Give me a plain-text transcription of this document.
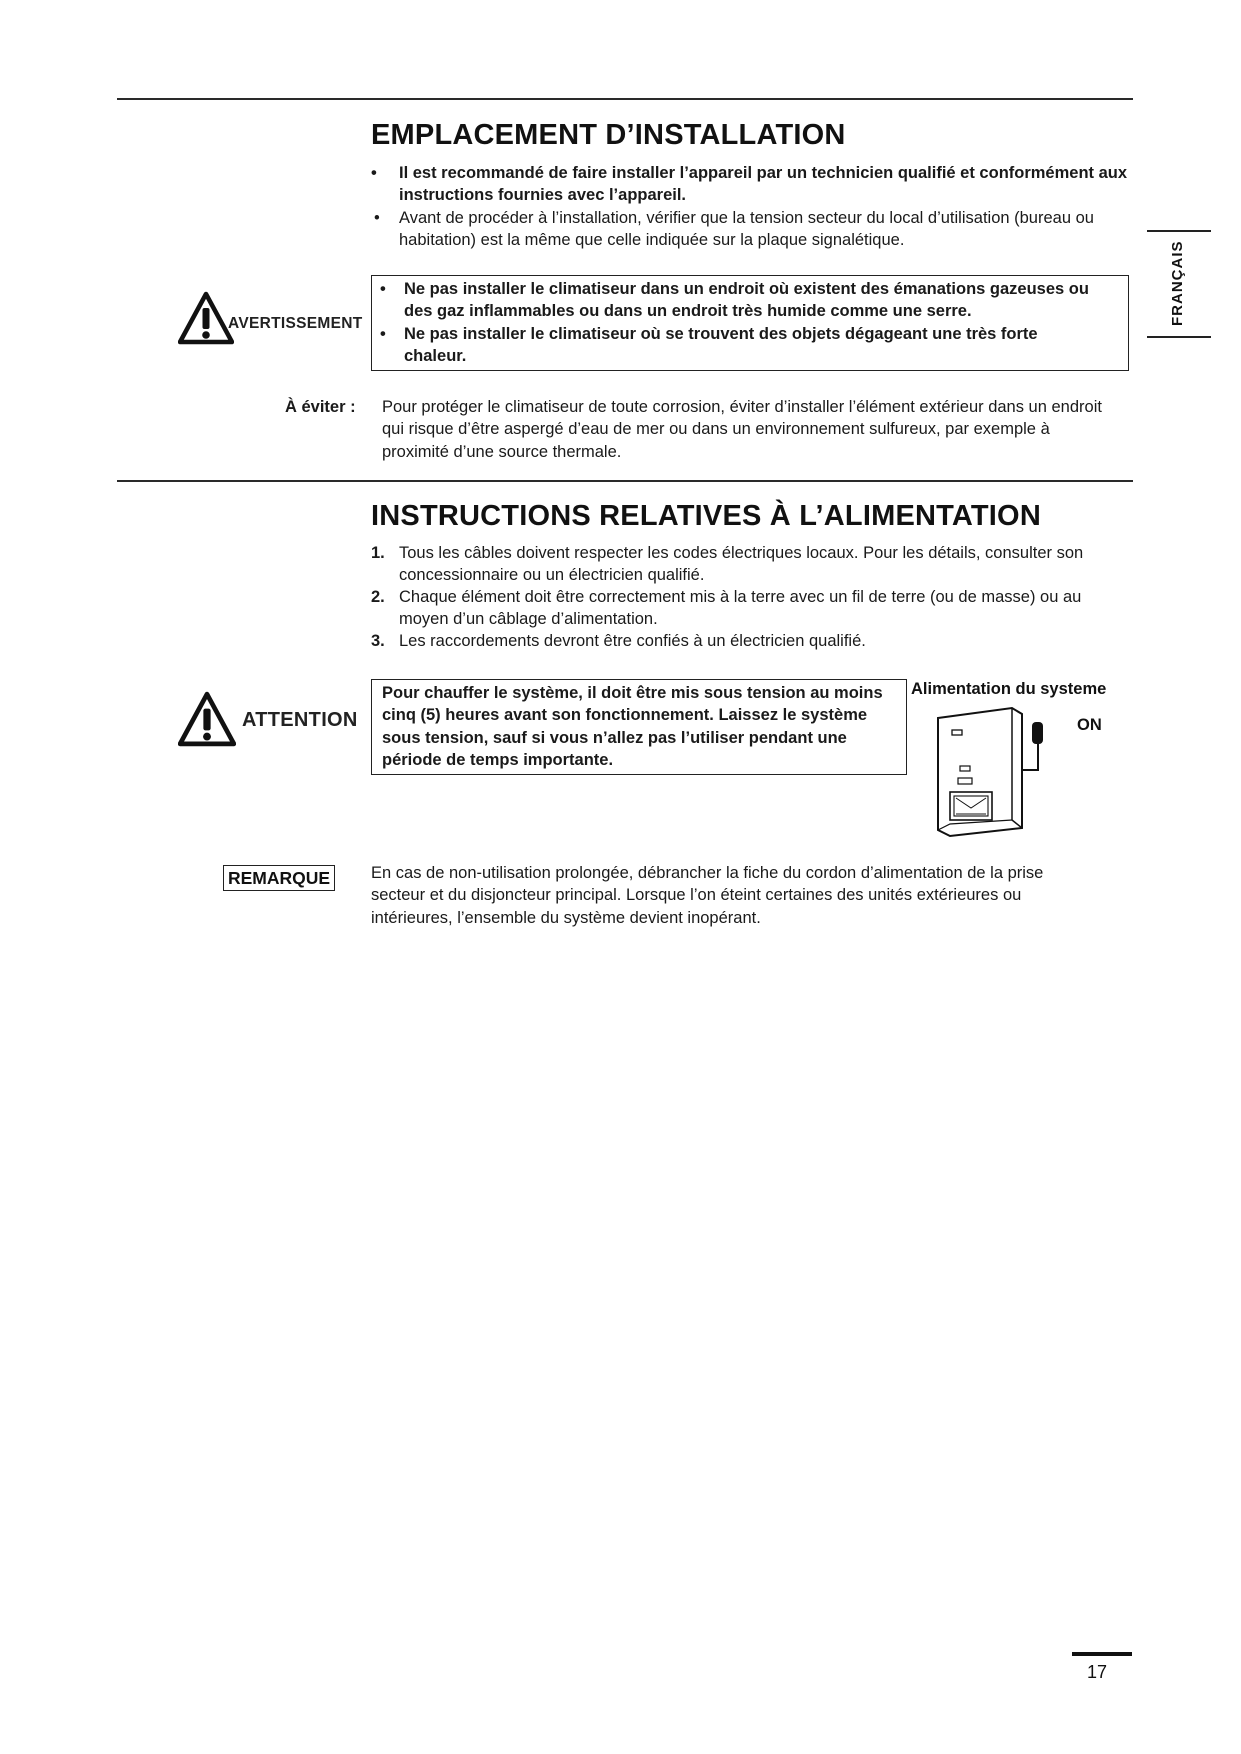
FRANÇAIS
EMPLACEMENT D’INSTALLATION
• Il est recommandé de faire installer l’appareil par un technicien qualifié et conformément aux instructions fournies avec l’appareil.
• Avant de procéder à l’installation, vérifier que la tension secteur du local d’utilisation (bureau ou habitation) est la même que celle indiquée sur la plaque signalétique.
AVERTISSEMENT
• Ne pas installer le climatiseur dans un endroit où existent des émanations gazeuses ou des gaz inflammables ou dans un endroit très humide comme une serre.
• Ne pas installer le climatiseur où se trouvent des objets dégageant une très forte chaleur.
À éviter : Pour protéger le climatiseur de toute corrosion, éviter d’installer l’élément extérieur dans un endroit qui risque d’être aspergé d’eau de mer ou dans un environnement sulfureux, par exemple à proximité d’une source thermale.
INSTRUCTIONS RELATIVES À L’ALIMENTATION
1. Tous les câbles doivent respecter les codes électriques locaux. Pour les détails, consulter son concessionnaire ou un électricien qualifié.
2. Chaque élément doit être correctement mis à la terre avec un fil de terre (ou de masse) ou au moyen d’un câblage d’alimentation.
3. Les raccordements devront être confiés à un électricien qualifié.
ATTENTION
Pour chauffer le système, il doit être mis sous tension au moins cinq (5) heures avant son fonctionnement. Laissez le système sous tension, sauf si vous n’allez pas l’utiliser pendant une période de temps importante.
Alimentation du systeme
ON
REMARQUE	En cas de non-utilisation prolongée, débrancher la fiche du cordon d’alimentation de la prise secteur et du disjoncteur principal. Lorsque l’on éteint certaines des unités extérieures ou intérieures, l’ensemble du système devient inopérant.
17
